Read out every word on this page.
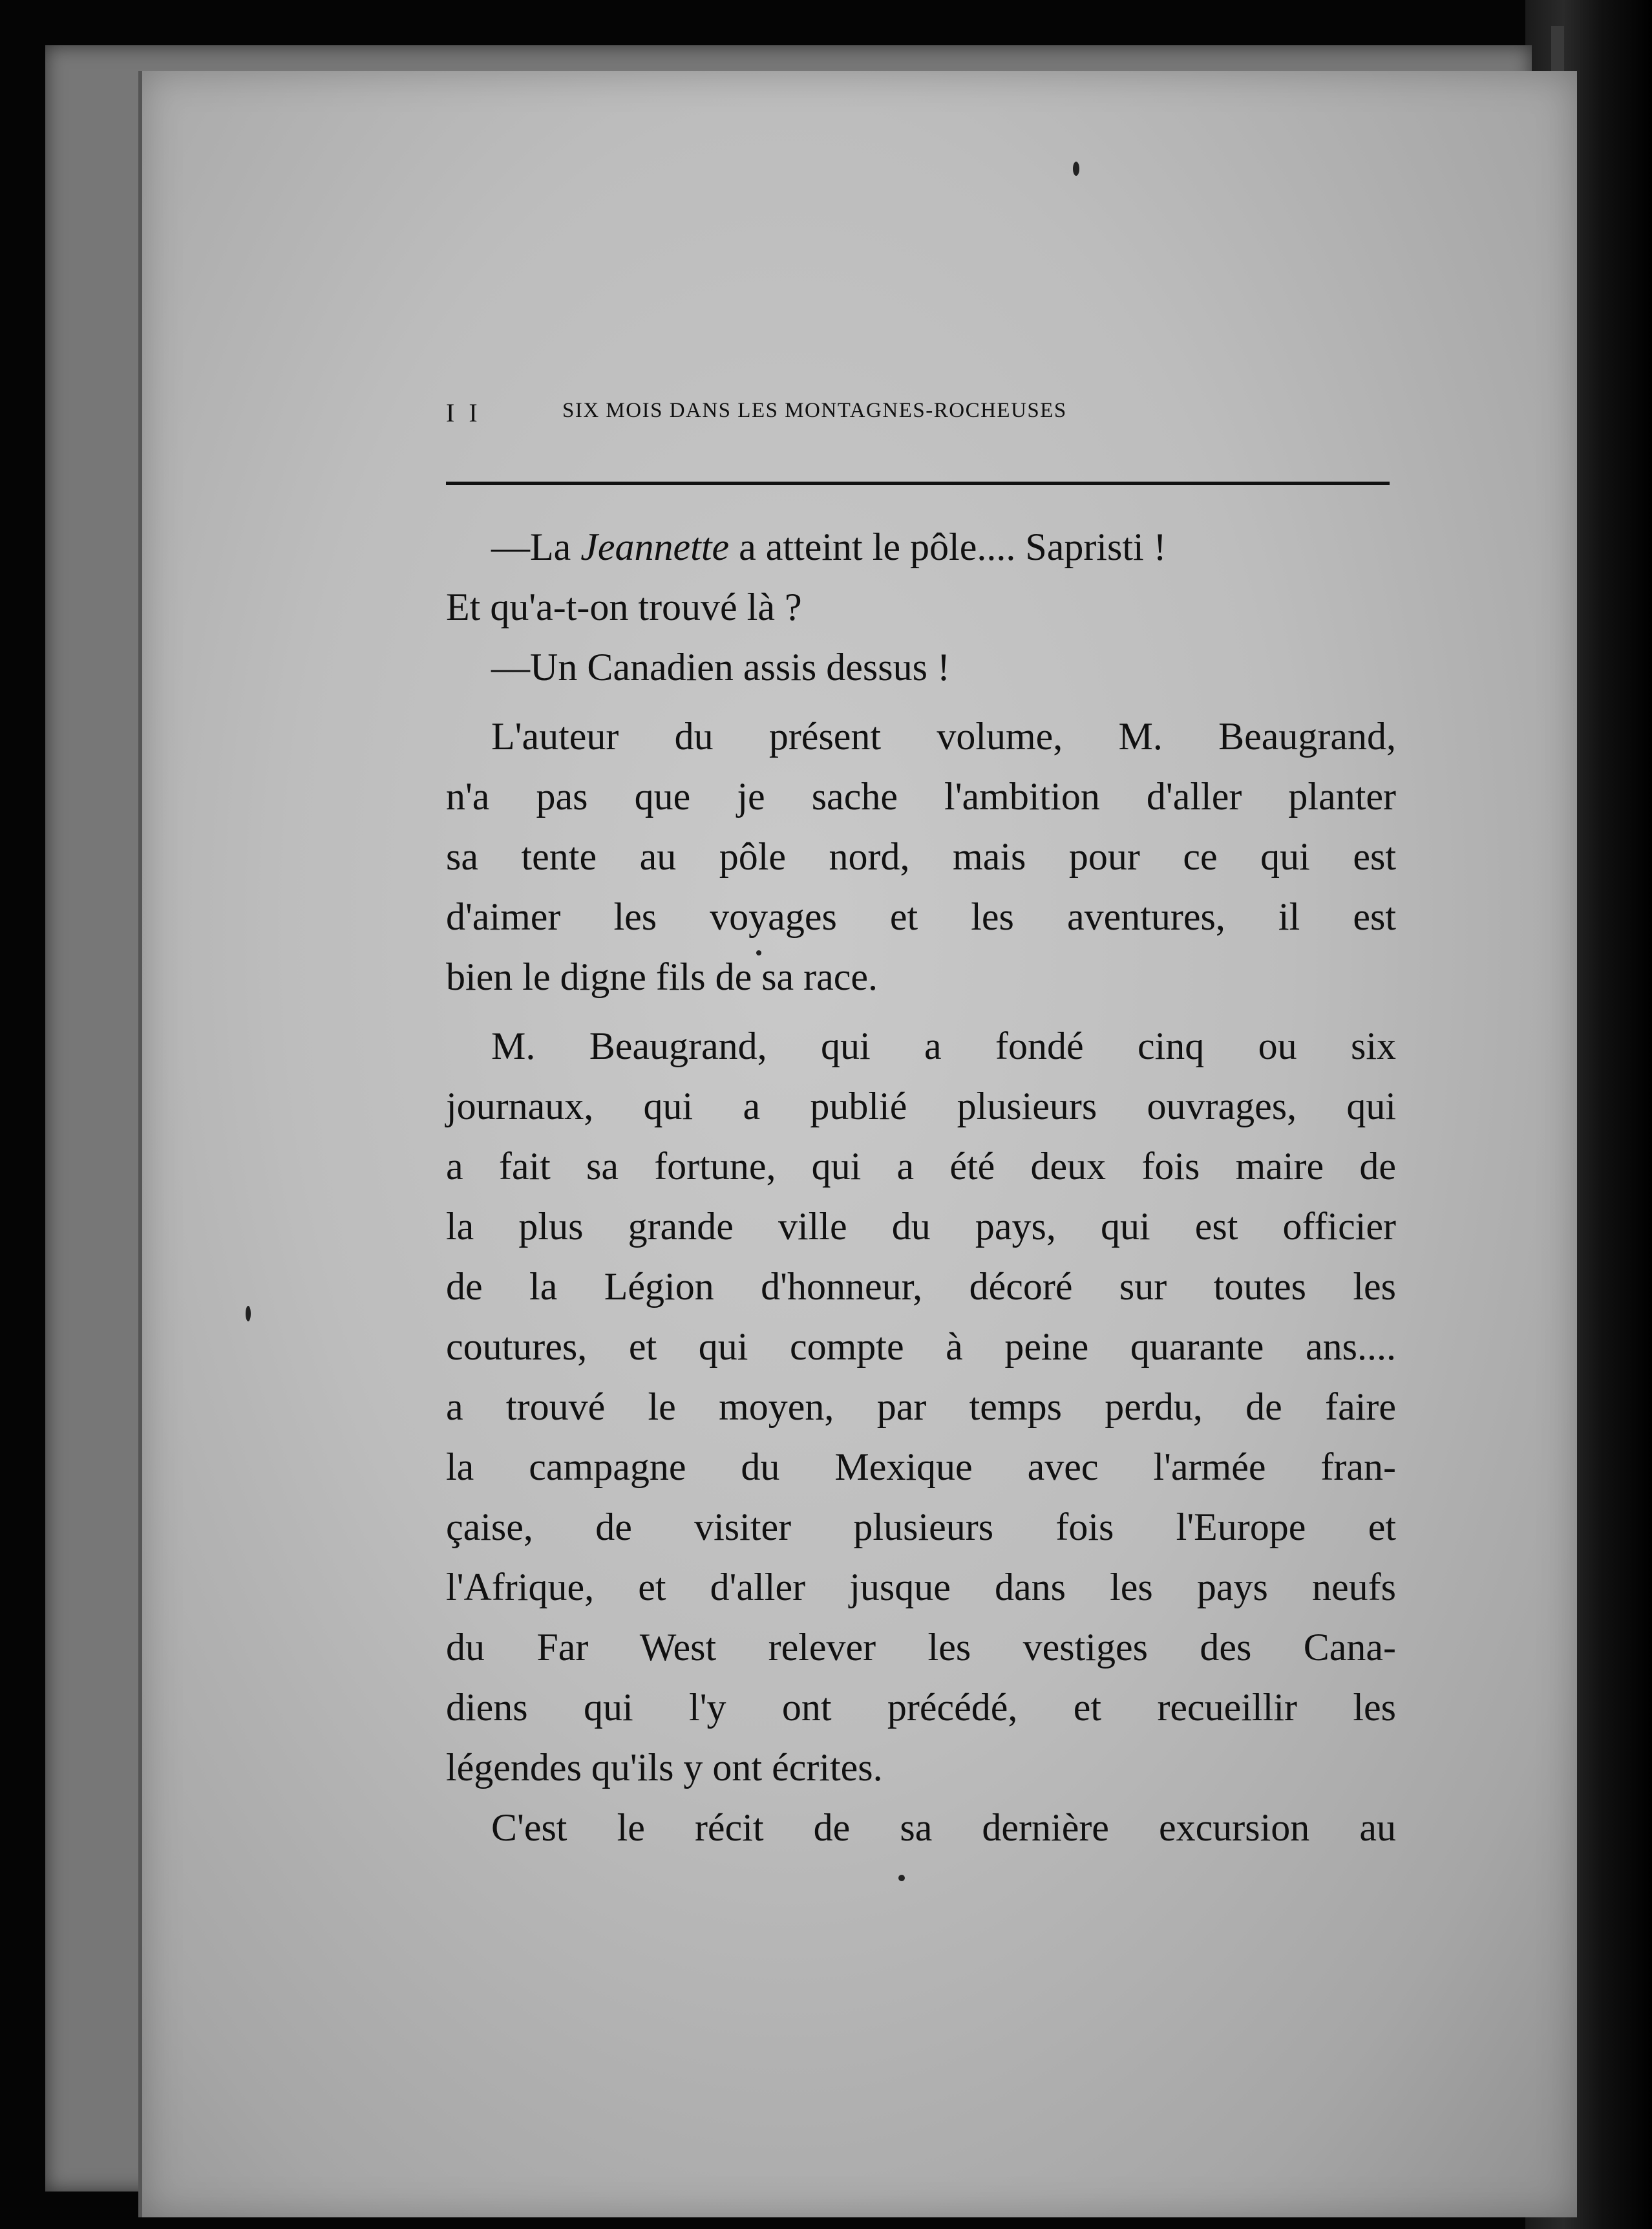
I I	SIX MOIS DANS LES MONTAGNES-ROCHEUSES
—La Jeannette a atteint le pôle.... Sapristi !
Et qu'a-t-on trouvé là ?
—Un Canadien assis dessus !
L'auteur du présent volume, M. Beaugrand,
n'a pas que je sache l'ambition d'aller planter
sa tente au pôle nord, mais pour ce qui est
d'aimer les voyages et les aventures, il est
bien le digne fils de sa race.
M. Beaugrand, qui a fondé cinq ou six
journaux, qui a publié plusieurs ouvrages, qui
a fait sa fortune, qui a été deux fois maire de
la plus grande ville du pays, qui est officier
de la Légion d'honneur, décoré sur toutes les
coutures, et qui compte à peine quarante ans....
a trouvé le moyen, par temps perdu, de faire
la campagne du Mexique avec l'armée fran-
çaise, de visiter plusieurs fois l'Europe et
l'Afrique, et d'aller jusque dans les pays neufs
du Far West relever les vestiges des Cana-
diens qui l'y ont précédé, et recueillir les
légendes qu'ils y ont écrites.
C'est le récit de sa dernière excursion au
